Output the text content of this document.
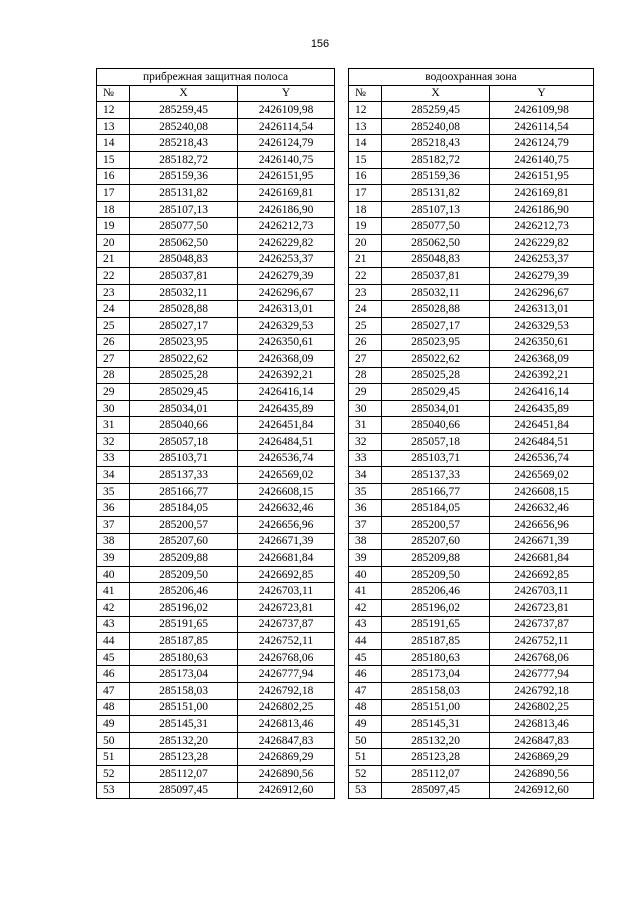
156
прибрежная защитная полоса				водоохранная зона		
№	X	Y		№	X	Y
12	285259,45	2426109,98		12	285259,45	2426109,98
13	285240,08	2426114,54		13	285240,08	2426114,54
14	285218,43	2426124,79		14	285218,43	2426124,79
15	285182,72	2426140,75		15	285182,72	2426140,75
16	285159,36	2426151,95		16	285159,36	2426151,95
17	285131,82	2426169,81		17	285131,82	2426169,81
18	285107,13	2426186,90		18	285107,13	2426186,90
19	285077,50	2426212,73		19	285077,50	2426212,73
20	285062,50	2426229,82		20	285062,50	2426229,82
21	285048,83	2426253,37		21	285048,83	2426253,37
22	285037,81	2426279,39		22	285037,81	2426279,39
23	285032,11	2426296,67		23	285032,11	2426296,67
24	285028,88	2426313,01		24	285028,88	2426313,01
25	285027,17	2426329,53		25	285027,17	2426329,53
26	285023,95	2426350,61		26	285023,95	2426350,61
27	285022,62	2426368,09		27	285022,62	2426368,09
28	285025,28	2426392,21		28	285025,28	2426392,21
29	285029,45	2426416,14		29	285029,45	2426416,14
30	285034,01	2426435,89		30	285034,01	2426435,89
31	285040,66	2426451,84		31	285040,66	2426451,84
32	285057,18	2426484,51		32	285057,18	2426484,51
33	285103,71	2426536,74		33	285103,71	2426536,74
34	285137,33	2426569,02		34	285137,33	2426569,02
35	285166,77	2426608,15		35	285166,77	2426608,15
36	285184,05	2426632,46		36	285184,05	2426632,46
37	285200,57	2426656,96		37	285200,57	2426656,96
38	285207,60	2426671,39		38	285207,60	2426671,39
39	285209,88	2426681,84		39	285209,88	2426681,84
40	285209,50	2426692,85		40	285209,50	2426692,85
41	285206,46	2426703,11		41	285206,46	2426703,11
42	285196,02	2426723,81		42	285196,02	2426723,81
43	285191,65	2426737,87		43	285191,65	2426737,87
44	285187,85	2426752,11		44	285187,85	2426752,11
45	285180,63	2426768,06		45	285180,63	2426768,06
46	285173,04	2426777,94		46	285173,04	2426777,94
47	285158,03	2426792,18		47	285158,03	2426792,18
48	285151,00	2426802,25		48	285151,00	2426802,25
49	285145,31	2426813,46		49	285145,31	2426813,46
50	285132,20	2426847,83		50	285132,20	2426847,83
51	285123,28	2426869,29		51	285123,28	2426869,29
52	285112,07	2426890,56		52	285112,07	2426890,56
53	285097,45	2426912,60		53	285097,45	2426912,60
